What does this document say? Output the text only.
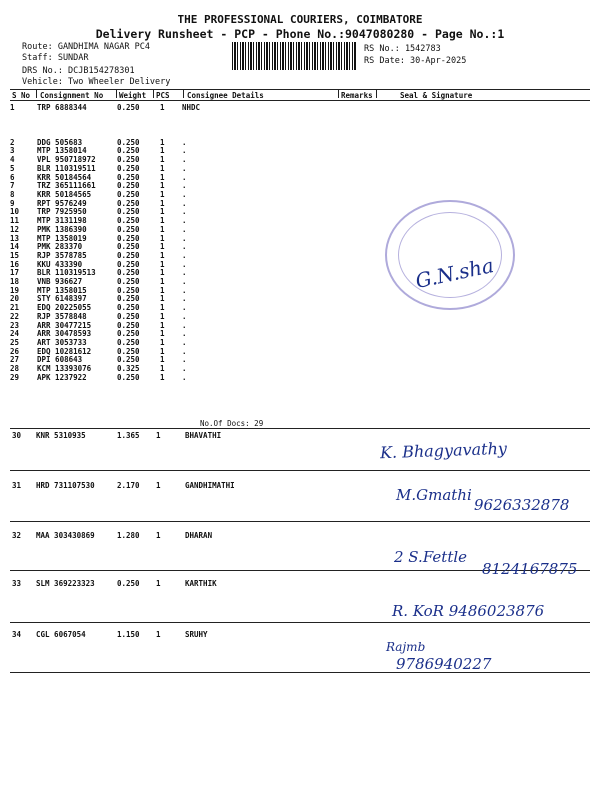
THE PROFESSIONAL COURIERS, COIMBATORE
Delivery Runsheet - PCP - Phone No.:9047080280 - Page No.:1
Route: GANDHIMA NAGAR PC4
Staff: SUNDAR
DRS No.: DCJB154278301
Vehicle: Two Wheeler Delivery
RS No.: 1542783
RS Date: 30-Apr-2025
S No Consignment No Weight PCS Consignee Details	Remarks	Seal & Signature
1	TRP 6888344	0.250	1	NHDC

2	DDG 505683	0.250	1	.
3	MTP 1358014	0.250	1	.
4	VPL 950718972	0.250	1	.
5	BLR 110319511	0.250	1	.
6	KRR 50184564	0.250	1	.
7	TRZ 365111661	0.250	1	.
8	KRR 50184565	0.250	1	.
9	RPT 9576249	0.250	1	.
10	TRP 7925950	0.250	1	.
11	MTP 3131198	0.250	1	.
12	PMK 1386390	0.250	1	.
13	MTP 1358019	0.250	1	.
14	PMK 283370	0.250	1	.
15	RJP 3578785	0.250	1	.
16	KKU 433390	0.250	1	.
17	BLR 110319513	0.250	1	.
18	VNB 936627	0.250	1	.
19	MTP 1358015	0.250	1	.
20	STY 6148397	0.250	1	.
21	EDQ 20225055	0.250	1	.
22	RJP 3578848	0.250	1	.
23	ARR 30477215	0.250	1	.
24	ARR 30478593	0.250	1	.
25	ART 3053733	0.250	1	.
26	EDQ 10281612	0.250	1	.
27	DPI 608643	0.250	1	.
28	KCM 13393076	0.325	1	.
29	APK 1237922	0.250	1	.
No.Of Docs: 29
30 KNR 5310935	1.365 1	BHAVATHI
31 HRD 731107530	2.170 1	GANDHIMATHI
32 MAA 303430869	1.280 1	DHARAN
33 SLM 369223323	0.250 1	KARTHIK
34 CGL 6067054	1.150 1	SRUHY
G.N.sha
K. Bhagyavathy
M.Gmathi
9626332878
2 S.Fettle
8124167875
R. KoR 9486023876
Rajmb
9786940227
